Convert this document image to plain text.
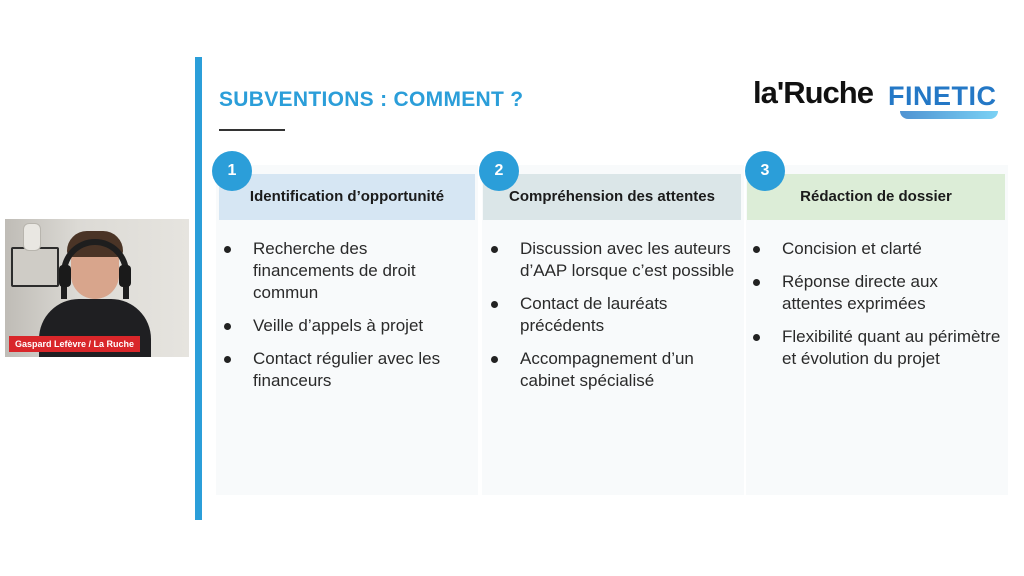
Gaspard Lefèvre / La Ruche
SUBVENTIONS : COMMENT ?	la'Ruche FINETIC
Identification d’opportunité
1
Recherche des financements de droit commun
Veille d’appels à projet
Contact régulier avec les financeurs
Compréhension des attentes
2
Discussion avec les auteurs d’AAP lorsque c’est possible
Contact de lauréats précédents
Accompagnement d’un cabinet spécialisé
Rédaction de dossier
3
Concision et clarté
Réponse directe aux attentes exprimées
Flexibilité quant au périmètre et évolution du projet
